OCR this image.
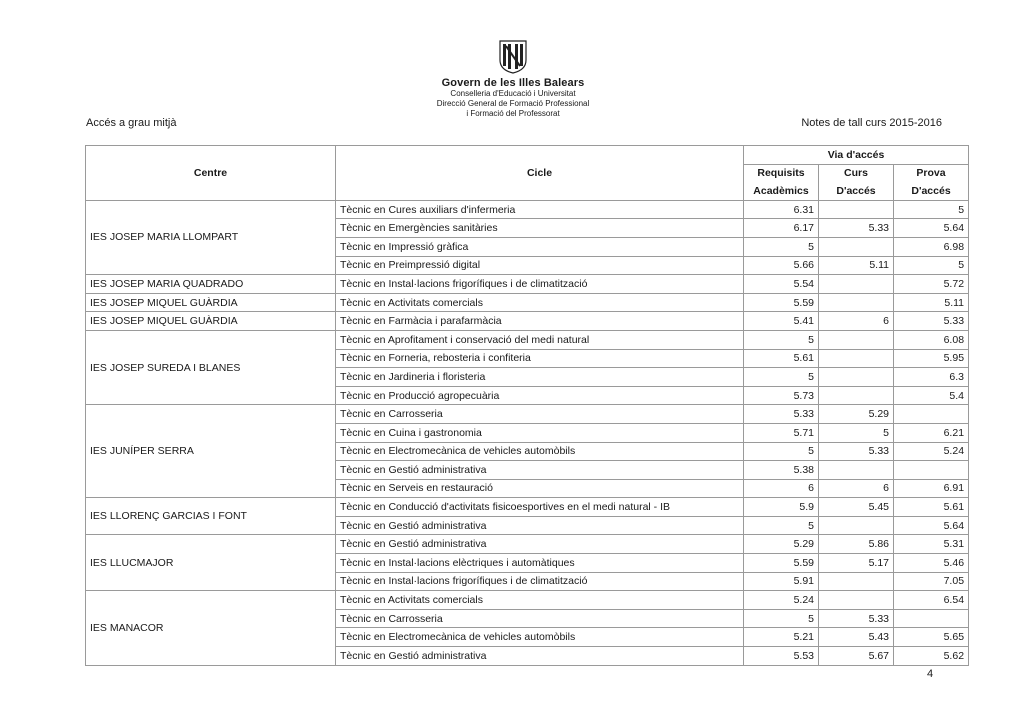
Govern de les Illes Balears
Conselleria d'Educació i Universitat
Direcció General de Formació Professional
i Formació del Professorat
Accés a grau mitjà	Notes de tall curs 2015-2016
Centre	Cicle	Via d'accés		
		Requisits	Curs	Prova
		Acadèmics	D'accés	D'accés
IES JOSEP MARIA LLOMPART	Tècnic en Cures auxiliars d'infermeria	6.31		5
	Tècnic en Emergències sanitàries	6.17	5.33	5.64
	Tècnic en Impressió gràfica	5		6.98
	Tècnic en Preimpressió digital	5.66	5.11	5
IES JOSEP MARIA QUADRADO	Tècnic en Instal·lacions frigorífiques i de climatització	5.54		5.72
IES JOSEP MIQUEL GUÀRDIA	Tècnic en Activitats comercials	5.59		5.11
IES JOSEP MIQUEL GUÀRDIA	Tècnic en Farmàcia i parafarmàcia	5.41	6	5.33
IES JOSEP SUREDA I BLANES	Tècnic en Aprofitament i conservació del medi natural	5		6.08
	Tècnic en Forneria, rebosteria i confiteria	5.61		5.95
	Tècnic en Jardineria i floristeria	5		6.3
	Tècnic en Producció agropecuària	5.73		5.4
IES JUNÍPER SERRA	Tècnic en Carrosseria	5.33	5.29	
	Tècnic en Cuina i gastronomia	5.71	5	6.21
	Tècnic en Electromecànica de vehicles automòbils	5	5.33	5.24
	Tècnic en Gestió administrativa	5.38		
	Tècnic en Serveis en restauració	6	6	6.91
IES LLORENÇ GARCIAS I FONT	Tècnic en Conducció d'activitats fisicoesportives en el medi natural - IB	5.9	5.45	5.61
	Tècnic en Gestió administrativa	5		5.64
IES LLUCMAJOR	Tècnic en Gestió administrativa	5.29	5.86	5.31
	Tècnic en Instal·lacions elèctriques i automàtiques	5.59	5.17	5.46
	Tècnic en Instal·lacions frigorífiques i de climatització	5.91		7.05
IES MANACOR	Tècnic en Activitats comercials	5.24		6.54
	Tècnic en Carrosseria	5	5.33	
	Tècnic en Electromecànica de vehicles automòbils	5.21	5.43	5.65
	Tècnic en Gestió administrativa	5.53	5.67	5.62
4
